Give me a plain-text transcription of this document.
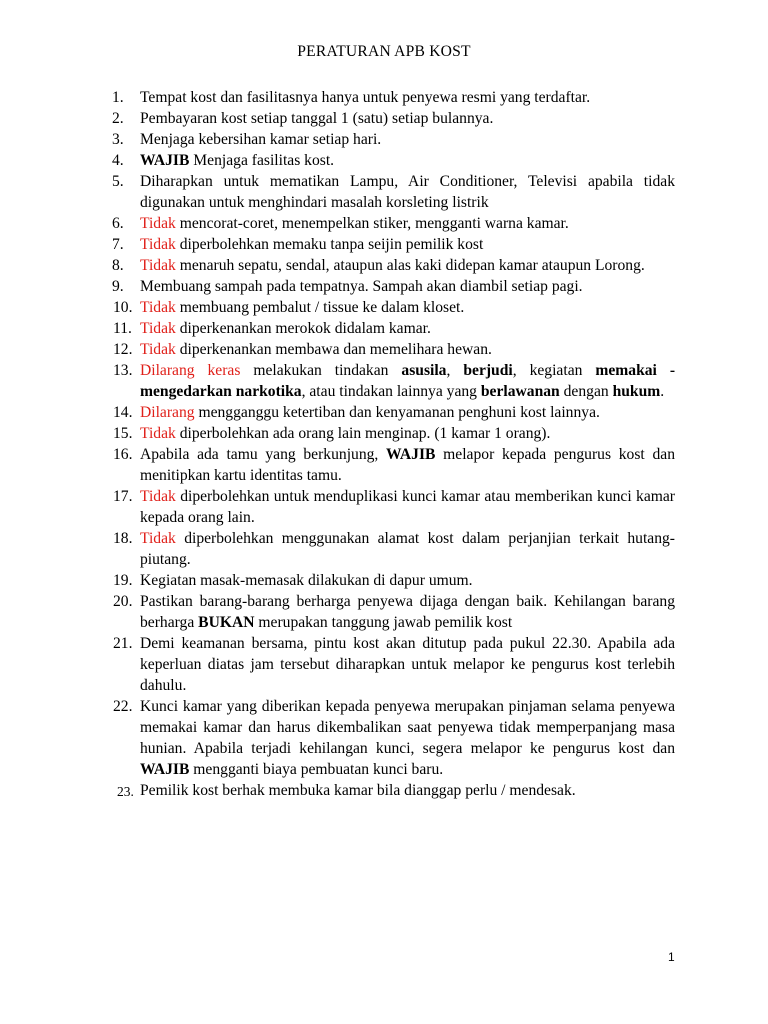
PERATURAN APB KOST
1.	Tempat kost dan fasilitasnya hanya untuk penyewa resmi yang terdaftar.
2.	Pembayaran kost setiap tanggal 1 (satu) setiap bulannya.
3.	Menjaga kebersihan kamar setiap hari.
4.	WAJIB Menjaga fasilitas kost.
5.	Diharapkan untuk mematikan Lampu, Air Conditioner, Televisi apabila tidak digunakan untuk menghindari masalah korsleting listrik
6.	Tidak mencorat-coret, menempelkan stiker, mengganti warna kamar.
7.	Tidak diperbolehkan memaku tanpa seijin pemilik kost
8.	Tidak menaruh sepatu, sendal, ataupun alas kaki didepan kamar ataupun Lorong.
9.	Membuang sampah pada tempatnya. Sampah akan diambil setiap pagi.
10. Tidak membuang pembalut / tissue ke dalam kloset.
11. Tidak diperkenankan merokok didalam kamar.
12. Tidak diperkenankan membawa dan memelihara hewan.
13. Dilarang keras melakukan tindakan asusila, berjudi, kegiatan memakai - mengedarkan narkotika, atau tindakan lainnya yang berlawanan dengan hukum.
14. Dilarang mengganggu ketertiban dan kenyamanan penghuni kost lainnya.
15. Tidak diperbolehkan ada orang lain menginap. (1 kamar 1 orang).
16. Apabila ada tamu yang berkunjung, WAJIB melapor kepada pengurus kost dan menitipkan kartu identitas tamu.
17. Tidak diperbolehkan untuk menduplikasi kunci kamar atau memberikan kunci kamar kepada orang lain.
18. Tidak diperbolehkan menggunakan alamat kost dalam perjanjian terkait hutang-piutang.
19. Kegiatan masak-memasak dilakukan di dapur umum.
20. Pastikan barang-barang berharga penyewa dijaga dengan baik. Kehilangan barang berharga BUKAN merupakan tanggung jawab pemilik kost
21. Demi keamanan bersama, pintu kost akan ditutup pada pukul 22.30. Apabila ada keperluan diatas jam tersebut diharapkan untuk melapor ke pengurus kost terlebih dahulu.
22. Kunci kamar yang diberikan kepada penyewa merupakan pinjaman selama penyewa memakai kamar dan harus dikembalikan saat penyewa tidak memperpanjang masa hunian. Apabila terjadi kehilangan kunci, segera melapor ke pengurus kost dan WAJIB mengganti biaya pembuatan kunci baru.
23. Pemilik kost berhak membuka kamar bila dianggap perlu / mendesak.
1
